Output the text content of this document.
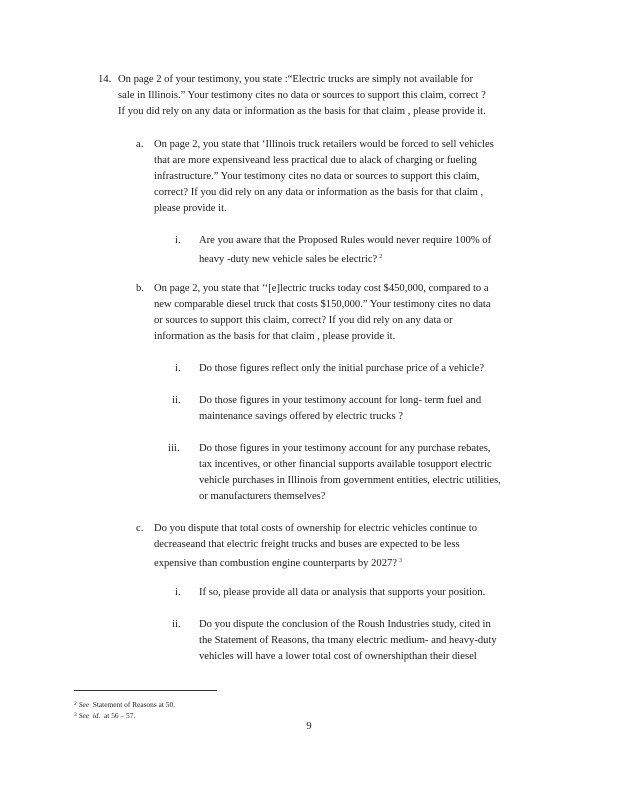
14. On page 2 of your testimony, you state :“Electric trucks are simply not available for
sale in Illinois.” Your testimony cites no data or sources to support this claim, correct ?
If you did rely on any data or information as the basis for that claim , please provide it.
a. On page 2, you state that ‘Illinois truck retailers would be forced to sell vehicles
that are more expensiveand less practical due to alack of charging or fueling
infrastructure.” Your testimony cites no data or sources to support this claim,
correct? If you did rely on any data or information as the basis for that claim ,
please provide it.
i. Are you aware that the Proposed Rules would never require 100% of
heavy -duty new vehicle sales be electric? $^2$
b. On page 2, you state that ‘‘[e]lectric trucks today cost $450,000, compared to a
new comparable diesel truck that costs $150,000.” Your testimony cites no data
or sources to support this claim, correct? If you did rely on any data or
information as the basis for that claim , please provide it.
i. Do those figures reflect only the initial purchase price of a vehicle?
ii. Do those figures in your testimony account for long- term fuel and
maintenance savings offered by electric trucks ?
iii. Do those figures in your testimony account for any purchase rebates,
tax incentives, or other financial supports available tosupport electric
vehicle purchases in Illinois from government entities, electric utilities,
or manufacturers themselves?
c. Do you dispute that total costs of ownership for electric vehicles continue to
decreaseand that electric freight trucks and buses are expected to be less
expensive than combustion engine counterparts by 2027? $^3$
i. If so, please provide all data or analysis that supports your position.
ii. Do you dispute the conclusion of the Roush Industries study, cited in
the Statement of Reasons, tha tmany electric medium- and heavy-duty
vehicles will have a lower total cost of ownershipthan their diesel
$^2$ See Statement of Reasons at 50.
$^3$ See id. at 56 – 57.
9
